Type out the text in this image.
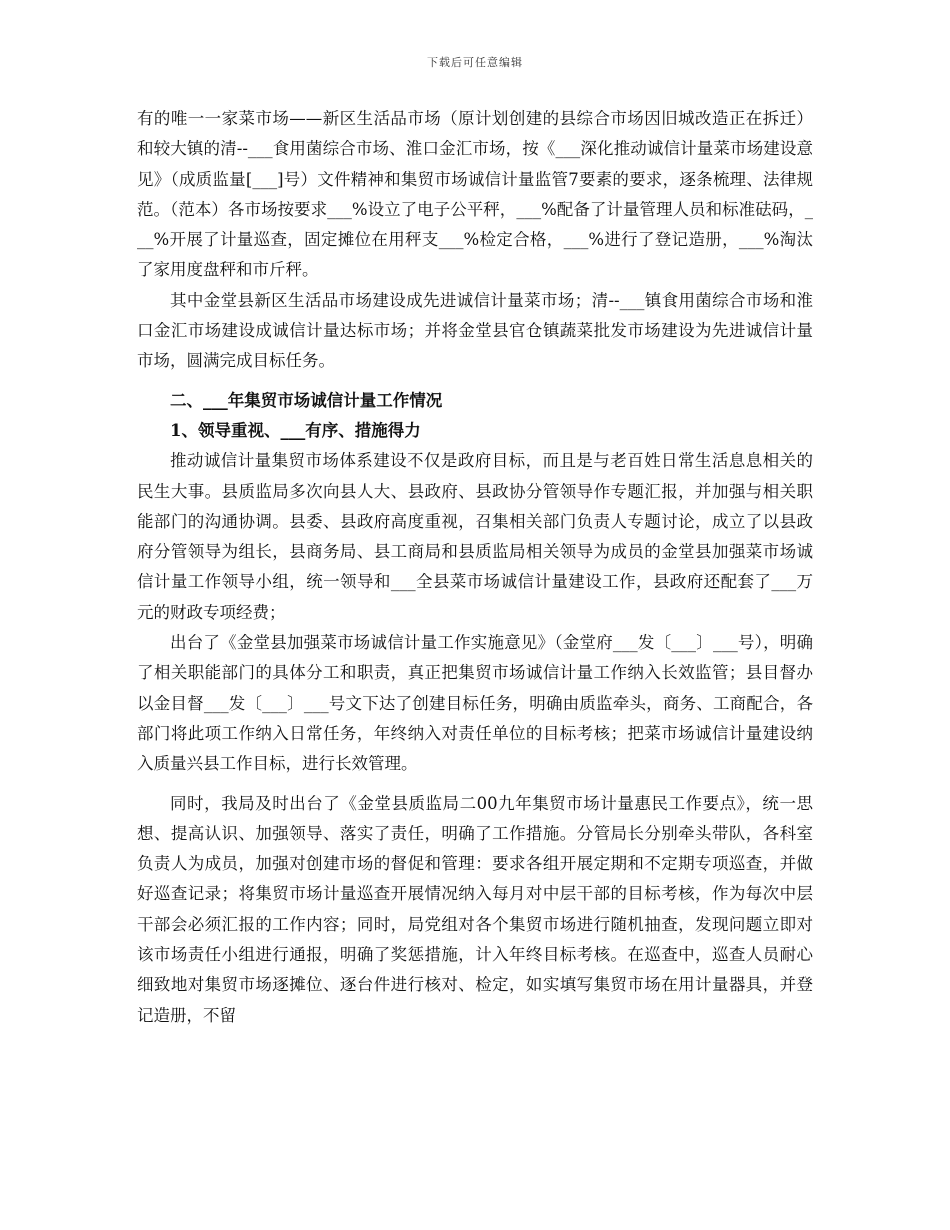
下载后可任意编辑

有的唯一一家菜市场——新区生活品市场（原计划创建的县综合市场因旧城改造正在拆迁）和较大镇的清--___食用菌综合市场、淮口金汇市场，按《___深化推动诚信计量菜市场建设意见》（成质监量[___]号）文件精神和集贸市场诚信计量监管7要素的要求，逐条梳理、法律规范。（范本）各市场按要求___%设立了电子公平秤，___%配备了计量管理人员和标准砝码，___%开展了计量巡查，固定摊位在用秤支___%检定合格，___%进行了登记造册，___%淘汰了家用度盘秤和市斤秤。

其中金堂县新区生活品市场建设成先进诚信计量菜市场；清--___镇食用菌综合市场和淮口金汇市场建设成诚信计量达标市场；并将金堂县官仓镇蔬菜批发市场建设为先进诚信计量市场，圆满完成目标任务。

二、___年集贸市场诚信计量工作情况

1、领导重视、___有序、措施得力

推动诚信计量集贸市场体系建设不仅是政府目标，而且是与老百姓日常生活息息相关的民生大事。县质监局多次向县人大、县政府、县政协分管领导作专题汇报，并加强与相关职能部门的沟通协调。县委、县政府高度重视，召集相关部门负责人专题讨论，成立了以县政府分管领导为组长，县商务局、县工商局和县质监局相关领导为成员的金堂县加强菜市场诚信计量工作领导小组，统一领导和___全县菜市场诚信计量建设工作，县政府还配套了___万元的财政专项经费；

出台了《金堂县加强菜市场诚信计量工作实施意见》（金堂府___发〔___〕___号），明确了相关职能部门的具体分工和职责，真正把集贸市场诚信计量工作纳入长效监管；县目督办以金目督___发〔___〕___号文下达了创建目标任务，明确由质监牵头，商务、工商配合，各部门将此项工作纳入日常任务，年终纳入对责任单位的目标考核；把菜市场诚信计量建设纳入质量兴县工作目标，进行长效管理。

同时，我局及时出台了《金堂县质监局二00九年集贸市场计量惠民工作要点》，统一思想、提高认识、加强领导、落实了责任，明确了工作措施。分管局长分别牵头带队，各科室负责人为成员，加强对创建市场的督促和管理：要求各组开展定期和不定期专项巡查，并做好巡查记录；将集贸市场计量巡查开展情况纳入每月对中层干部的目标考核，作为每次中层干部会必须汇报的工作内容；同时，局党组对各个集贸市场进行随机抽查，发现问题立即对该市场责任小组进行通报，明确了奖惩措施，计入年终目标考核。在巡查中，巡查人员耐心细致地对集贸市场逐摊位、逐台件进行核对、检定，如实填写集贸市场在用计量器具，并登记造册，不留
